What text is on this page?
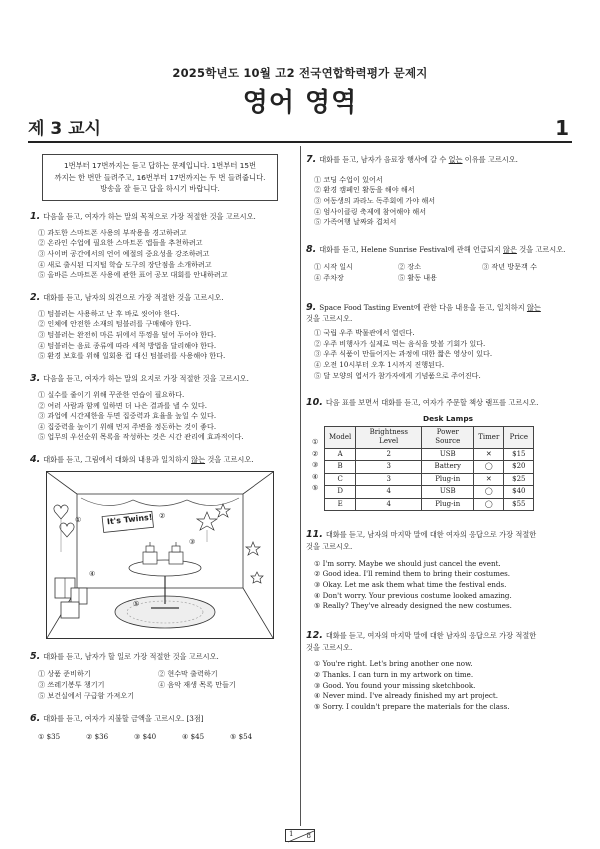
2025학년도 10월 고2 전국연합학력평가 문제지
영어 영역
제 3 교시	1
1번부터 17번까지는 듣고 답하는 문제입니다. 1번부터 15번
까지는 한 번만 들려주고, 16번부터 17번까지는 두 번 들려줍니다.
방송을 잘 듣고 답을 하시기 바랍니다.
1. 다음을 듣고, 여자가 하는 말의 목적으로 가장 적절한 것을 고르시오.
① 과도한 스마트폰 사용의 부작용을 경고하려고
② 온라인 수업에 필요한 스마트폰 앱들을 추천하려고
③ 사이버 공간에서의 언어 예절의 중요성을 강조하려고
④ 새로 출시된 디지털 학습 도구의 장단점을 소개하려고
⑤ 올바른 스마트폰 사용에 관한 표어 공모 대회를 안내하려고
2. 대화를 듣고, 남자의 의견으로 가장 적절한 것을 고르시오.
① 텀블러는 사용하고 난 후 바로 씻어야 한다.
② 인체에 안전한 소재의 텀블러를 구매해야 한다.
③ 텀블러는 완전히 마른 뒤에서 뚜껑을 덮어 두어야 한다.
④ 텀블러는 음료 종류에 따라 세척 방법을 달리해야 한다.
⑤ 환경 보호를 위해 일회용 컵 대신 텀블러를 사용해야 한다.
3. 다음을 듣고, 여자가 하는 말의 요지로 가장 적절한 것을 고르시오.
① 실수를 줄이기 위해 꾸준한 연습이 필요하다.
② 여러 사람과 함께 일하면 더 나은 결과를 낼 수 있다.
③ 과업에 시간제한을 두면 집중력과 효율을 높일 수 있다.
④ 집중력을 높이기 위해 먼저 주변을 정돈하는 것이 좋다.
⑤ 업무의 우선순위 목록을 작성하는 것은 시간 관리에 효과적이다.
4. 대화를 듣고, 그림에서 대화의 내용과 일치하지 않는 것을 고르시오.
It's Twins!
①	②
③
④
⑤
5. 대화를 듣고, 남자가 할 일로 가장 적절한 것을 고르시오.
① 상품 준비하기	② 현수막 출력하기
③ 쓰레기봉투 챙기기	④ 음악 재생 목록 만들기
⑤ 보건실에서 구급함 가져오기
6. 대화를 듣고, 여자가 지불할 금액을 고르시오. [3점]
① $35	② $36	③ $40	④ $45	⑤ $54
7. 대화를 듣고, 남자가 음료장 행사에 갈 수 없는 이유를 고르시오.
① 코딩 수업이 있어서
② 환경 캠페인 활동을 해야 해서
③ 여동생의 과라노 독주회에 가야 해서
④ 엄사이클링 축제에 참여해야 해서
⑤ 가족여행 날짜와 겹쳐서
8. 대화를 듣고, Helene Sunrise Festival에 관해 언급되지 않은 것을 고르시오.
① 시작 일시	② 장소	③ 작년 방문객 수
④ 주차장	⑤ 활동 내용
9. Space Food Tasting Event에 관한 다음 내용을 듣고, 일치하지 않는
것을 고르시오.
① 국립 우주 박물관에서 열린다.
② 우주 비행사가 실제로 먹는 음식을 맛볼 기회가 있다.
③ 우주 식품이 만들어지는 과정에 대한 짧은 영상이 있다.
④ 오전 10시부터 오후 1시까지 진행된다.
⑤ 달 모양의 엽서가 참가자에게 기념품으로 주어진다.
10. 다음 표를 보면서 대화를 듣고, 여자가 주문할 책상 램프를 고르시오.
Desk Lamps
①
②
③
④
⑤
Model	Brightness Level	Power Source	Timer	Price
A	2	USB	✕	$15
B	3	Battery	◯	$20
C	3	Plug-in	✕	$25
D	4	USB	◯	$40
E	4	Plug-in	◯	$55
11. 대화를 듣고, 남자의 마지막 말에 대한 여자의 응답으로 가장 적절한
것을 고르시오.
① I'm sorry. Maybe we should just cancel the event.
② Good idea. I'll remind them to bring their costumes.
③ Okay. Let me ask them what time the festival ends.
④ Don't worry. Your previous costume looked amazing.
⑤ Really? They've already designed the new costumes.
12. 대화를 듣고, 여자의 마지막 말에 대한 남자의 응답으로 가장 적절한
것을 고르시오.
① You're right. Let's bring another one now.
② Thanks. I can turn in my artwork on time.
③ Good. You found your missing sketchbook.
④ Never mind. I've already finished my art project.
⑤ Sorry. I couldn't prepare the materials for the class.
1 8
